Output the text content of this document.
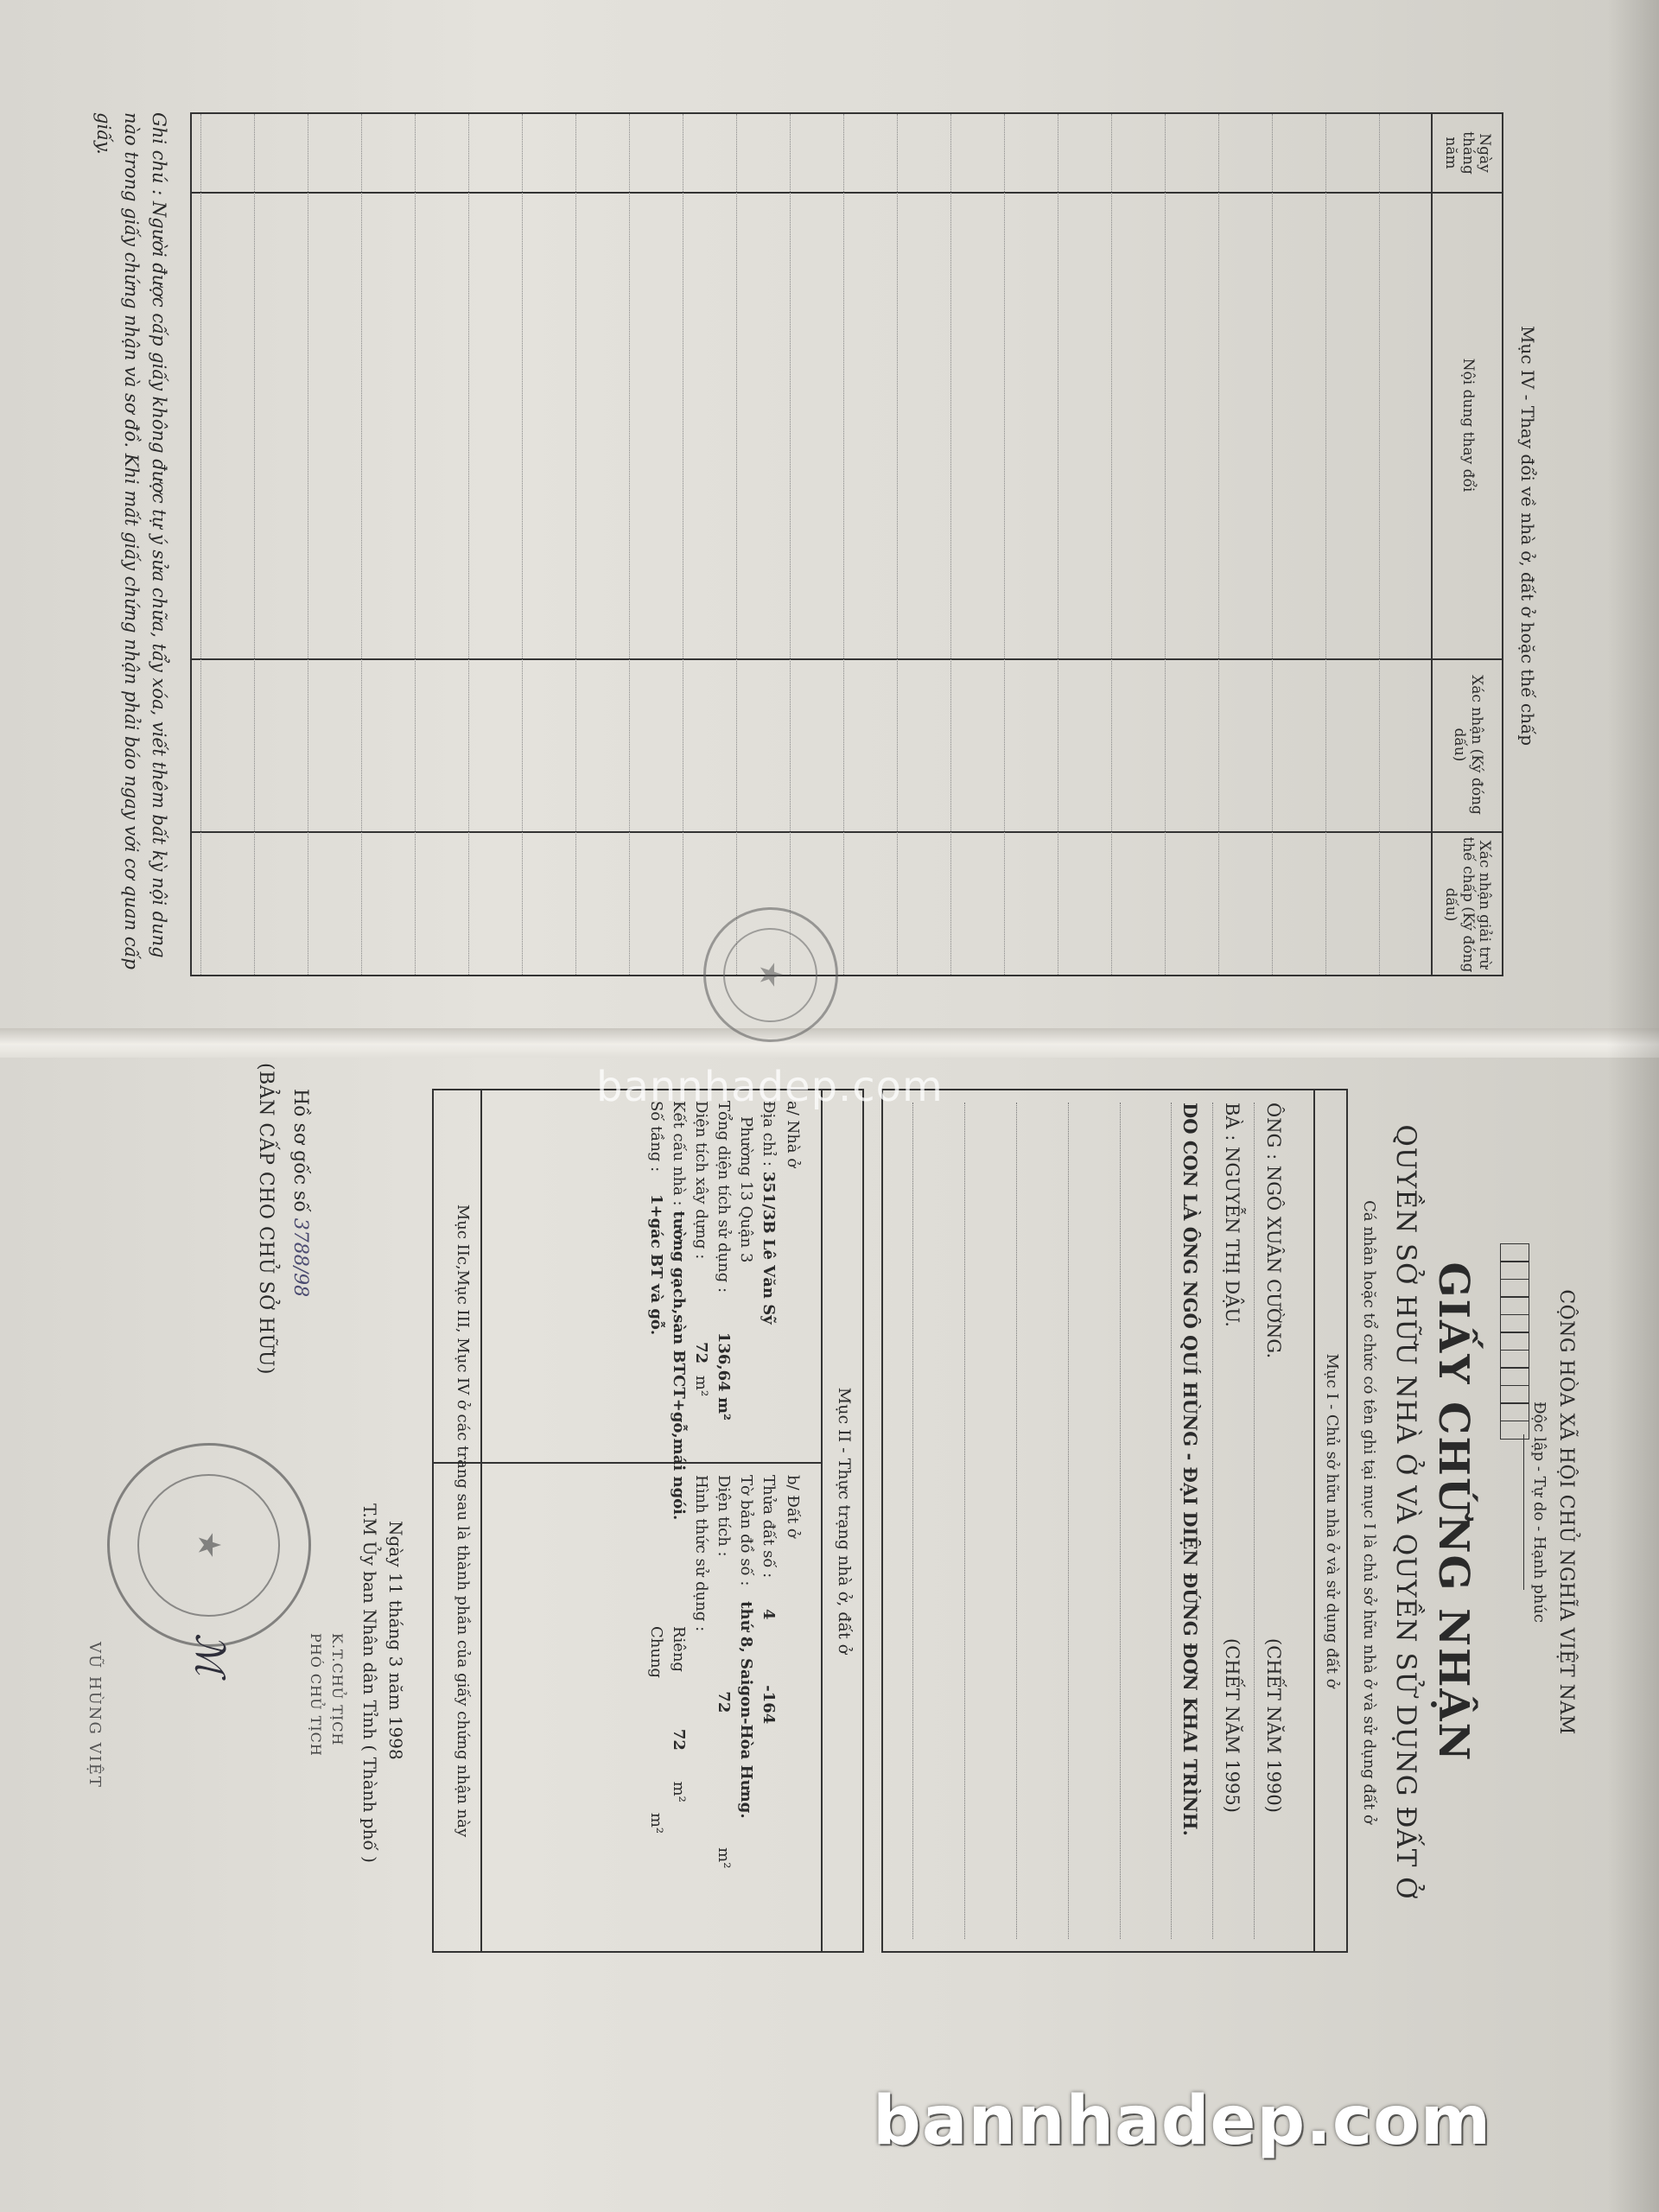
Mục IV - Thay đổi về nhà ở, đất ở hoặc thế chấp
Ngày tháng năm
Nội dung thay đổi
Xác nhận (Ký đóng dấu)
Xác nhận giải trừ thế chấp (Ký đóng dấu)
Ghi chú : Người được cấp giấy không được tự ý sửa chữa, tẩy xóa, viết thêm bất kỳ nội dung nào trong giấy chứng nhận và sơ đồ. Khi mất giấy chứng nhận phải báo ngay với cơ quan cấp giấy.
★
CỘNG HÒA XÃ HỘI CHỦ NGHĨA VIỆT NAM
Độc lập - Tự do - Hạnh phúc
GIẤY CHỨNG NHẬN
QUYỀN SỞ HỮU NHÀ Ở VÀ QUYỀN SỬ DỤNG ĐẤT Ở
Cá nhân hoặc tổ chức có tên ghi tại mục I là chủ sở hữu nhà ở và sử dụng đất ở
Mục I - Chủ sở hữu nhà ở và sử dụng đất ở
ÔNG : NGÔ XUÂN CƯỜNG.
(CHẾT NĂM 1990)
BÀ : NGUYỄN THỊ DẬU.
(CHẾT NĂM 1995)
DO CON LÀ ÔNG NGÔ QUÍ HÙNG - ĐẠI DIỆN ĐỨNG ĐƠN KHAI TRÌNH.
Mục II - Thực trạng nhà ở, đất ở
a/ Nhà ở
Địa chỉ : 351/3B Lê Văn Sỹ
Phường 13 Quận 3
Tổng diện tích sử dụng : 136,64 m²
Diện tích xây dựng : 72 m²
Kết cấu nhà : tường gạch,sàn BTCT+gỗ,mái ngói.
Số tầng : 1+gác BT và gỗ.
b/ Đất ở
Thửa đất số : 4 -164
Tờ bản đồ số : thứ 8, Saigon-Hòa Hưng.
Diện tích : 72 m²
Hình thức sử dụng :
Riêng 72 m²
Chung m²
Mục IIc,Mục III, Mục IV ở các trang sau là thành phần của giấy chứng nhận này
Ngày 11 tháng 3 năm 1998
T.M Ủy ban Nhân dân Tỉnh ( Thành phố )
K.T.CHỦ TỊCH
PHÓ CHỦ TỊCH
★
ℳ
VŨ HÙNG VIỆT
Hồ sơ gốc số 3788/98
(BẢN CẤP CHO CHỦ SỞ HỮU)	bannhadep.com
bannhadep.com
